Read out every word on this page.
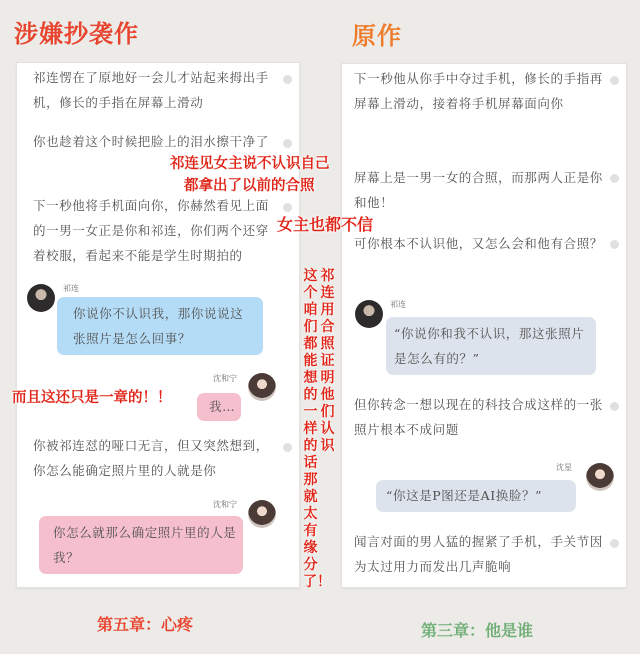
涉嫌抄袭作	原作
祁连愣在了原地好一会儿才站起来拇出手机，修长的手指在屏幕上滑动
你也趁着这个时候把脸上的泪水擦干净了
下一秒他将手机面向你，你赫然看见上面的一男一女正是你和祁连，你们两个还穿着校服，看起来不能是学生时期拍的
祁连
你说你不认识我，那你说说这张照片是怎么回事？
沈和宁
我…
你被祁连怼的哑口无言，但又突然想到，你怎么能确定照片里的人就是你
沈和宁
你怎么就那么确定照片里的人是我？
下一秒他从你手中夺过手机，修长的手指再屏幕上滑动，接着将手机屏幕面向你
屏幕上是一男一女的合照，而那两人正是你和他！
可你根本不认识他，又怎么会和他有合照？
祁连
“你说你和我不认识，那这张照片是怎么有的？”
但你转念一想以现在的科技合成这样的一张照片根本不成问题
沈星
“你这是P图还是AI换脸？”
闻言对面的男人猛的握紧了手机，手关节因为太过用力而发出几声脆响
祁连见女主说不认识自己
都拿出了以前的合照
女主也都不信
而且这还只是一章的！！
这个咱们都能想的一样的话那就太有缘分了！
祁连用合照证明他们认识
第五章：心疼	第三章：他是谁
